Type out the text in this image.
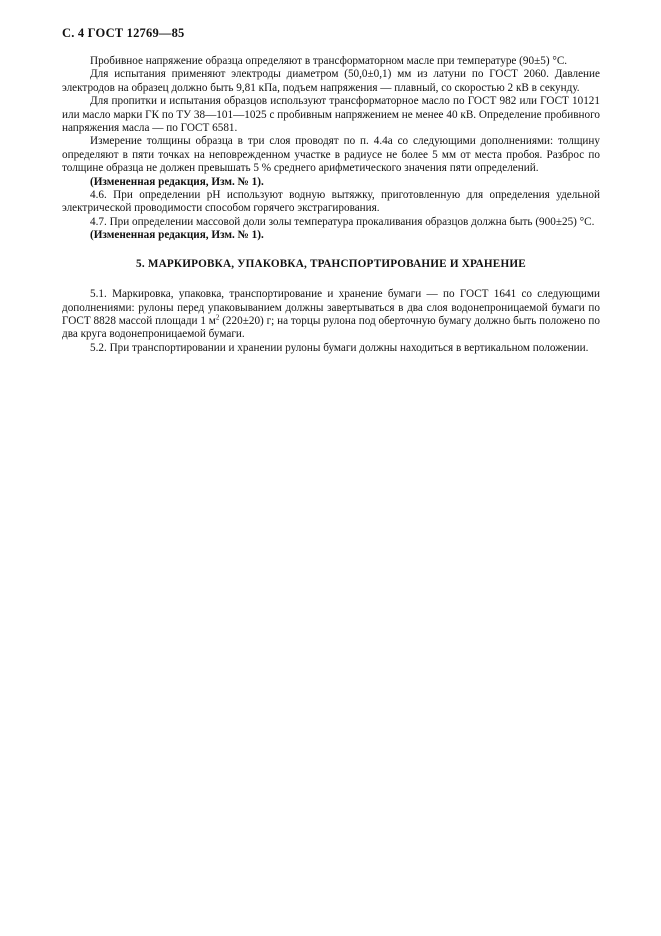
С. 4 ГОСТ 12769—85

Пробивное напряжение образца определяют в трансформаторном масле при температуре (90±5) °С.

Для испытания применяют электроды диаметром (50,0±0,1) мм из латуни по ГОСТ 2060. Давление электродов на образец должно быть 9,81 кПа, подъем напряжения — плавный, со скоростью 2 кВ в секунду.

Для пропитки и испытания образцов используют трансформаторное масло по ГОСТ 982 или ГОСТ 10121 или масло марки ГК по ТУ 38—101—1025 с пробивным напряжением не менее 40 кВ. Определение пробивного напряжения масла — по ГОСТ 6581.

Измерение толщины образца в три слоя проводят по п. 4.4а со следующими дополнениями: толщину определяют в пяти точках на неповрежденном участке в радиусе не более 5 мм от места пробоя. Разброс по толщине образца не должен превышать 5 % среднего арифметического значения пяти определений.

(Измененная редакция, Изм. № 1).

4.6. При определении рН используют водную вытяжку, приготовленную для определения удельной электрической проводимости способом горячего экстрагирования.

4.7. При определении массовой доли золы температура прокаливания образцов должна быть (900±25) °С.

(Измененная редакция, Изм. № 1).

5. МАРКИРОВКА, УПАКОВКА, ТРАНСПОРТИРОВАНИЕ И ХРАНЕНИЕ

5.1. Маркировка, упаковка, транспортирование и хранение бумаги — по ГОСТ 1641 со следующими дополнениями: рулоны перед упаковыванием должны завертываться в два слоя водонепроницаемой бумаги по ГОСТ 8828 массой площади 1 $м^2$ (220±20) г; на торцы рулона под оберточную бумагу должно быть положено по два круга водонепроницаемой бумаги.

5.2. При транспортировании и хранении рулоны бумаги должны находиться в вертикальном положении.
